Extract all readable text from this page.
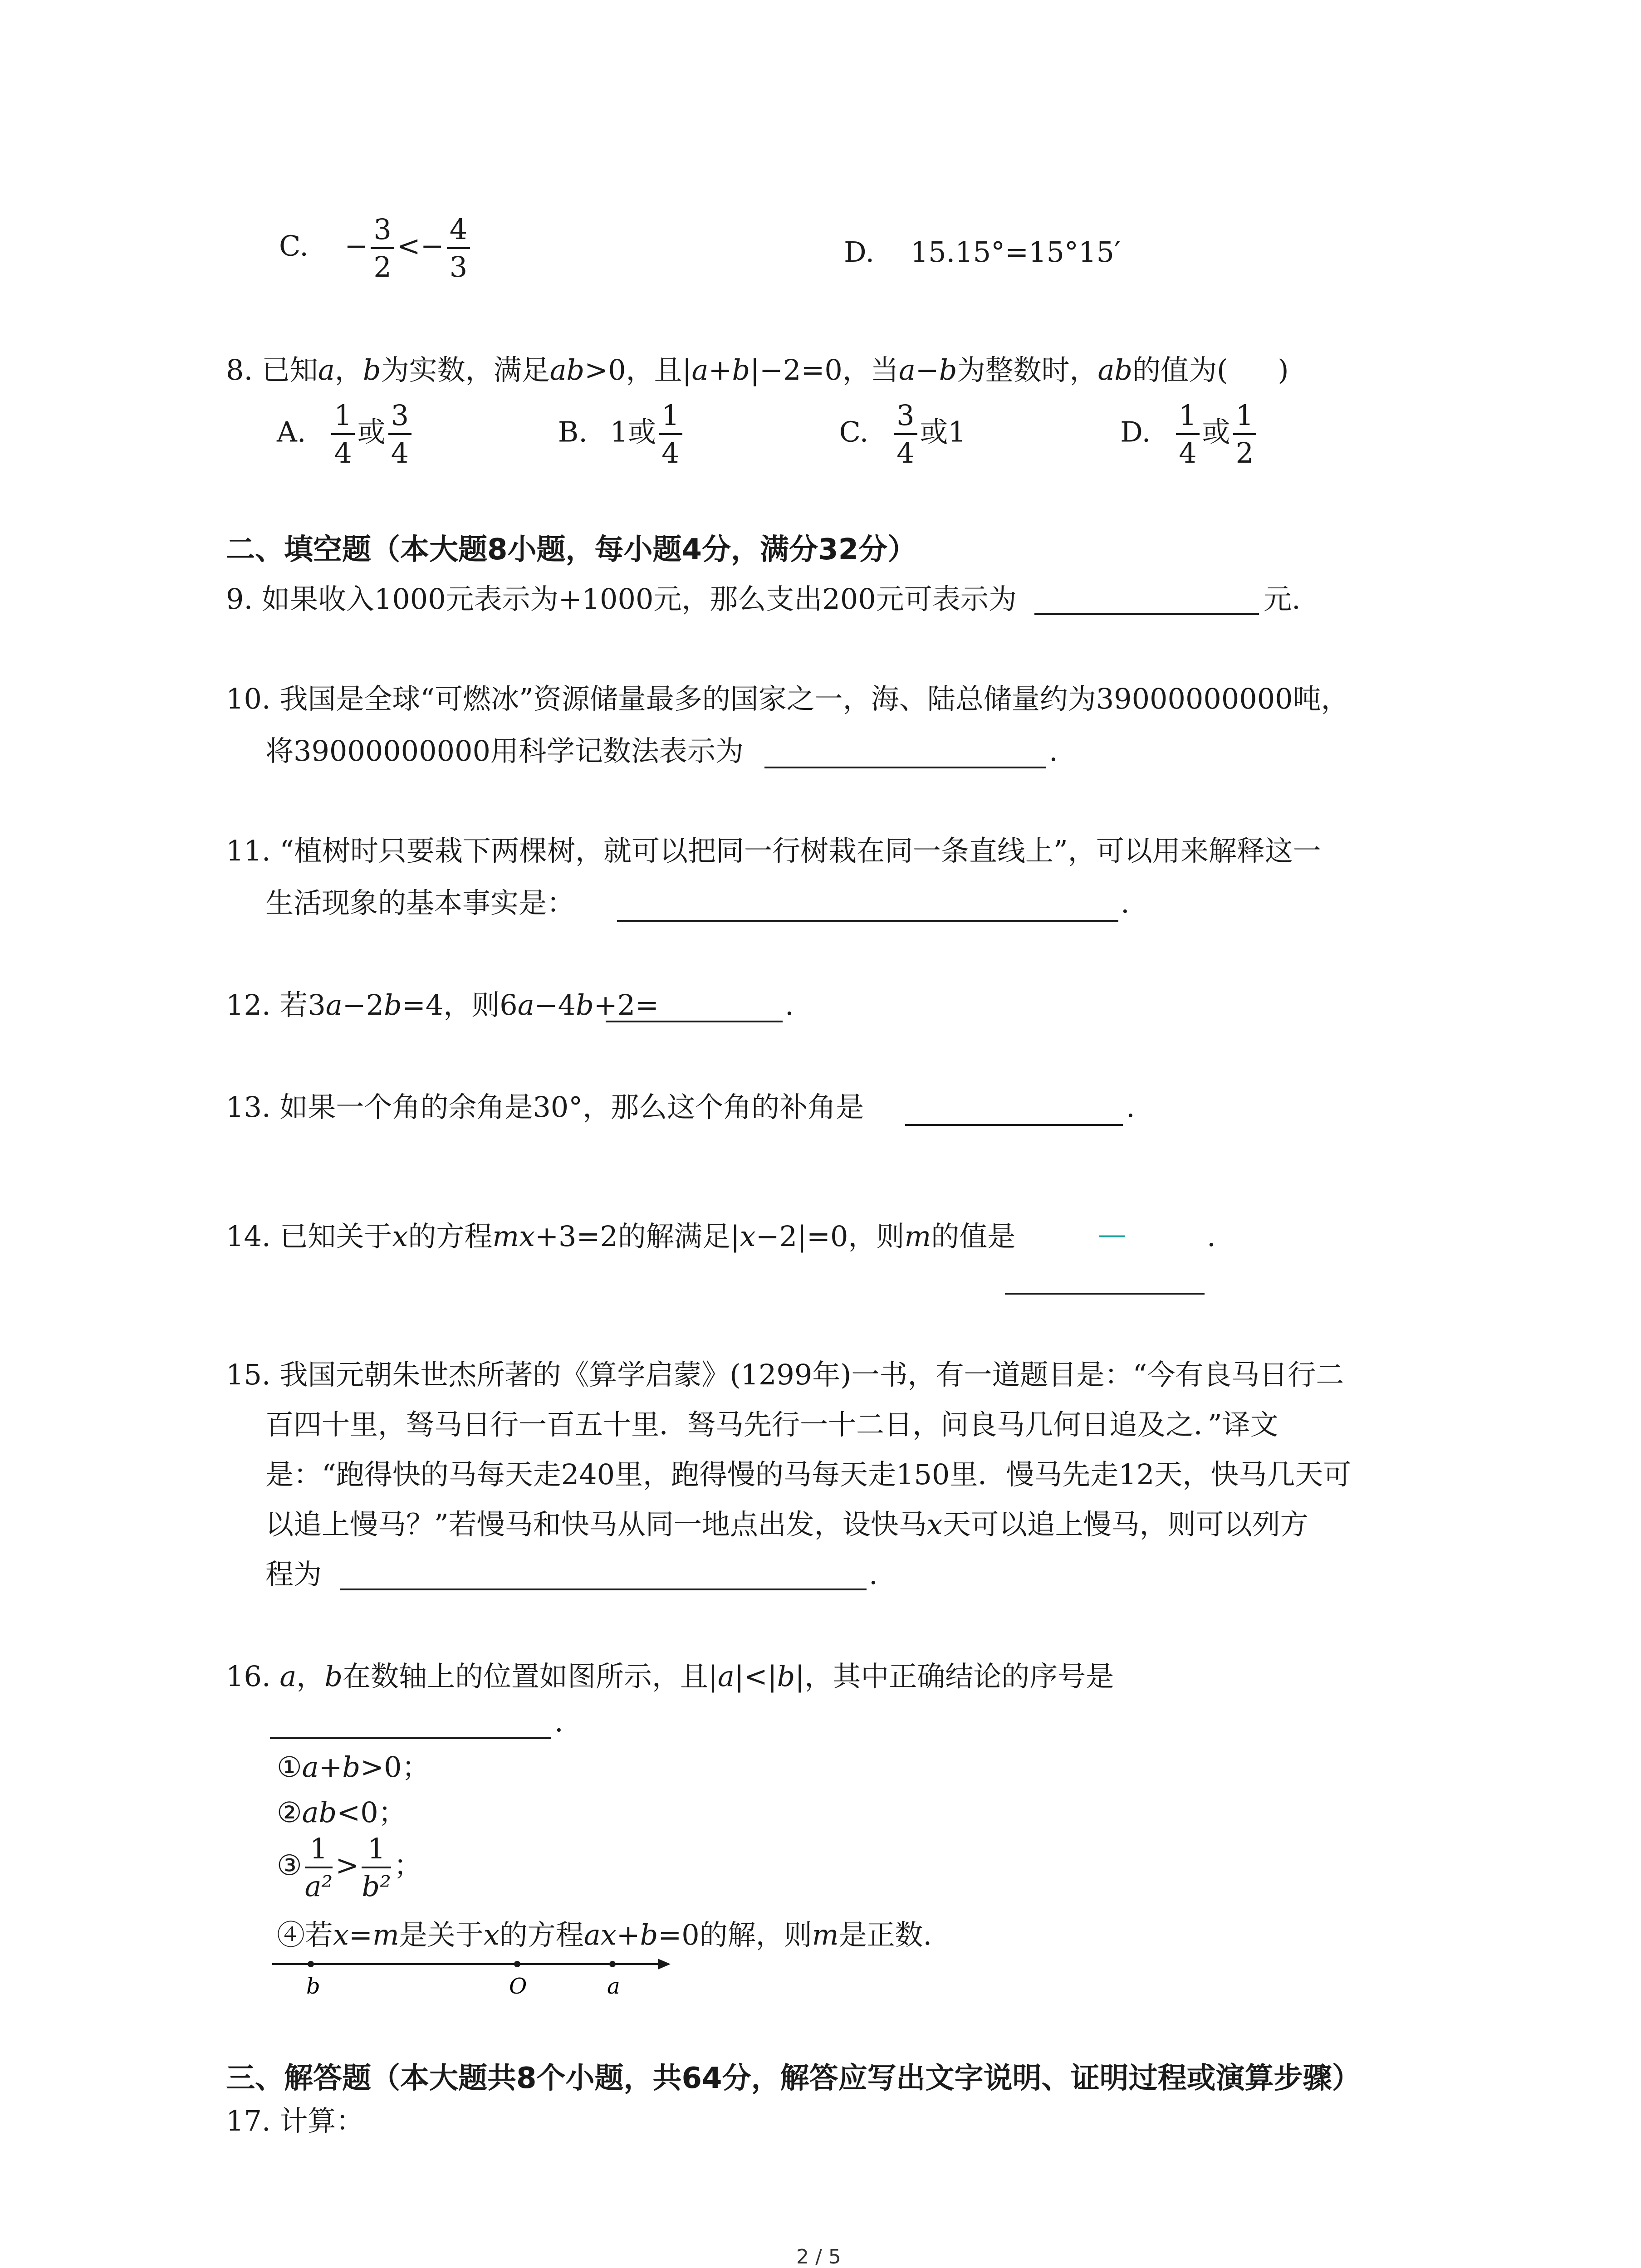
C. − $\frac{3}{2} <- \frac{4}{3}$	D. 15.15°=15°15′
8. 已知a，b为实数，满足ab>0，且|a+b|−2=0，当a−b为整数时，ab的值为( )
A. $\frac{1}{4}$ 或 $\frac{3}{4}$	B. 1或 $\frac{1}{4}$	C. $\frac{3}{4}$ 或1	D. $\frac{1}{4}$ 或 $\frac{1}{2}$
二、填空题（本大题8小题，每小题4分，满分32分）
9. 如果收入1000元表示为+1000元，那么支出200元可表示为	元.
10. 我国是全球“可燃冰”资源储量最多的国家之一，海、陆总储量约为39000000000吨，
将39000000000用科学记数法表示为	.
11. “植树时只要栽下两棵树，就可以把同一行树栽在同一条直线上”，可以用来解释这一
生活现象的基本事实是：	.
12. 若3a−2b=4，则6a−4b+2=	.
13. 如果一个角的余角是30°，那么这个角的补角是	.
14. 已知关于x的方程mx+3=2的解满足|x−2|=0，则m的值是	—	.
15. 我国元朝朱世杰所著的《算学启蒙》(1299年)一书，有一道题目是：“今有良马日行二
百四十里，驽马日行一百五十里．驽马先行一十二日，问良马几何日追及之．”译文
是：“跑得快的马每天走240里，跑得慢的马每天走150里．慢马先走12天，快马几天可
以追上慢马？”若慢马和快马从同一地点出发，设快马x天可以追上慢马，则可以列方
程为	.
16. a，b在数轴上的位置如图所示，且|a|<|b|，其中正确结论的序号是
.
①a+b>0；
②ab<0；
③ $\frac{1}{\text{a²}} > \frac{1}{\text{b²}}$ ；
④若x=m是关于x的方程ax+b=0的解，则m是正数.
b	O	a
三、解答题（本大题共8个小题，共64分，解答应写出文字说明、证明过程或演算步骤）
17. 计算：
2 / 5
